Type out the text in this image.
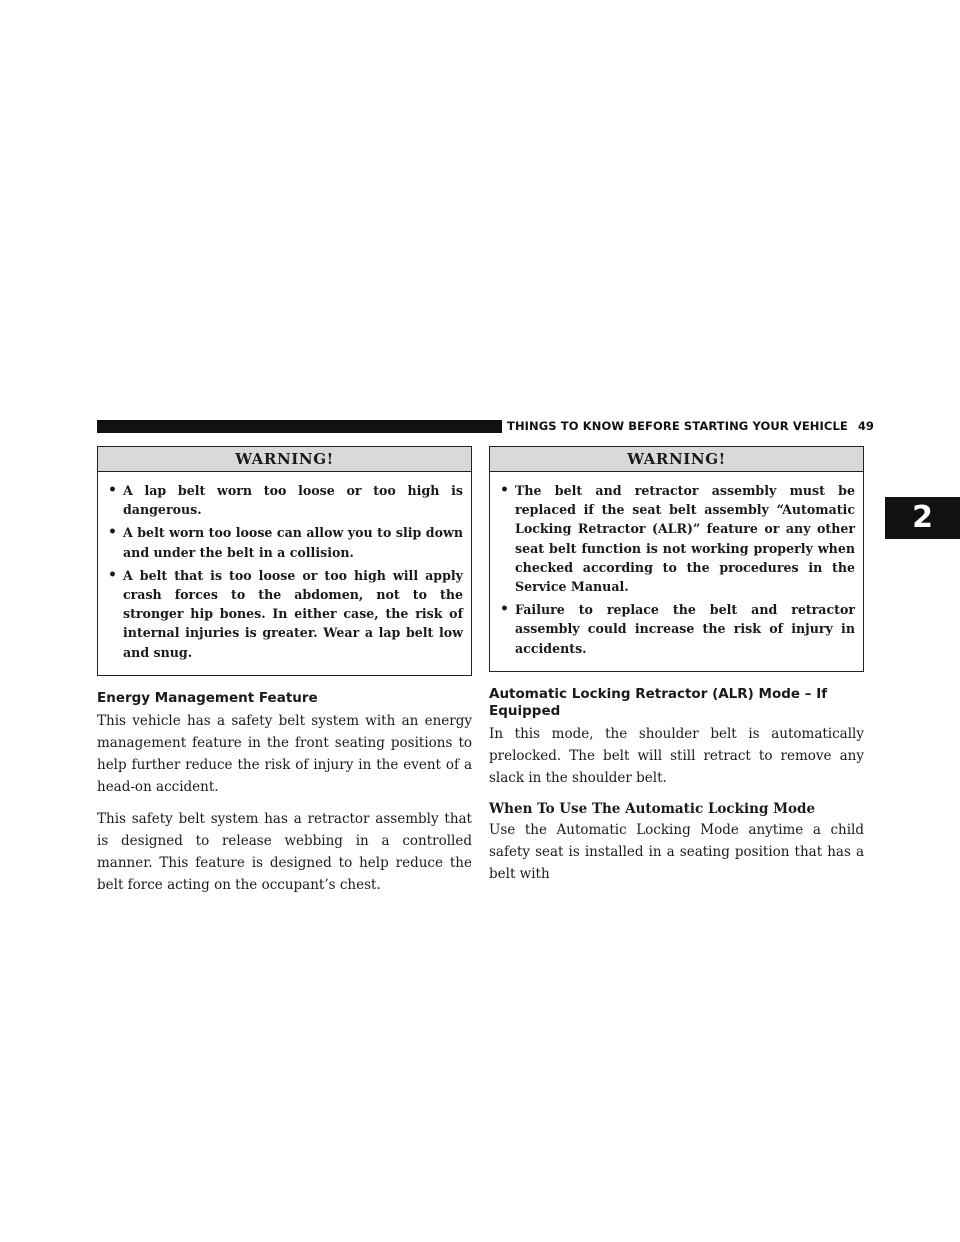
THINGS TO KNOW BEFORE STARTING YOUR VEHICLE 49
2
WARNING!
• A lap belt worn too loose or too high is dangerous.
• A belt worn too loose can allow you to slip down and under the belt in a collision.
• A belt that is too loose or too high will apply crash forces to the abdomen, not to the stronger hip bones. In either case, the risk of internal injuries is greater. Wear a lap belt low and snug.
Energy Management Feature

This vehicle has a safety belt system with an energy management feature in the front seating positions to help further reduce the risk of injury in the event of a head-on accident.

This safety belt system has a retractor assembly that is designed to release webbing in a controlled manner. This feature is designed to help reduce the belt force acting on the occupant’s chest.

WARNING!
• The belt and retractor assembly must be replaced if the seat belt assembly “Automatic Locking Retractor (ALR)” feature or any other seat belt function is not working properly when checked according to the procedures in the Service Manual.
• Failure to replace the belt and retractor assembly could increase the risk of injury in accidents.
Automatic Locking Retractor (ALR) Mode – If Equipped

In this mode, the shoulder belt is automatically prelocked. The belt will still retract to remove any slack in the shoulder belt.

When To Use The Automatic Locking Mode

Use the Automatic Locking Mode anytime a child safety seat is installed in a seating position that has a belt with
